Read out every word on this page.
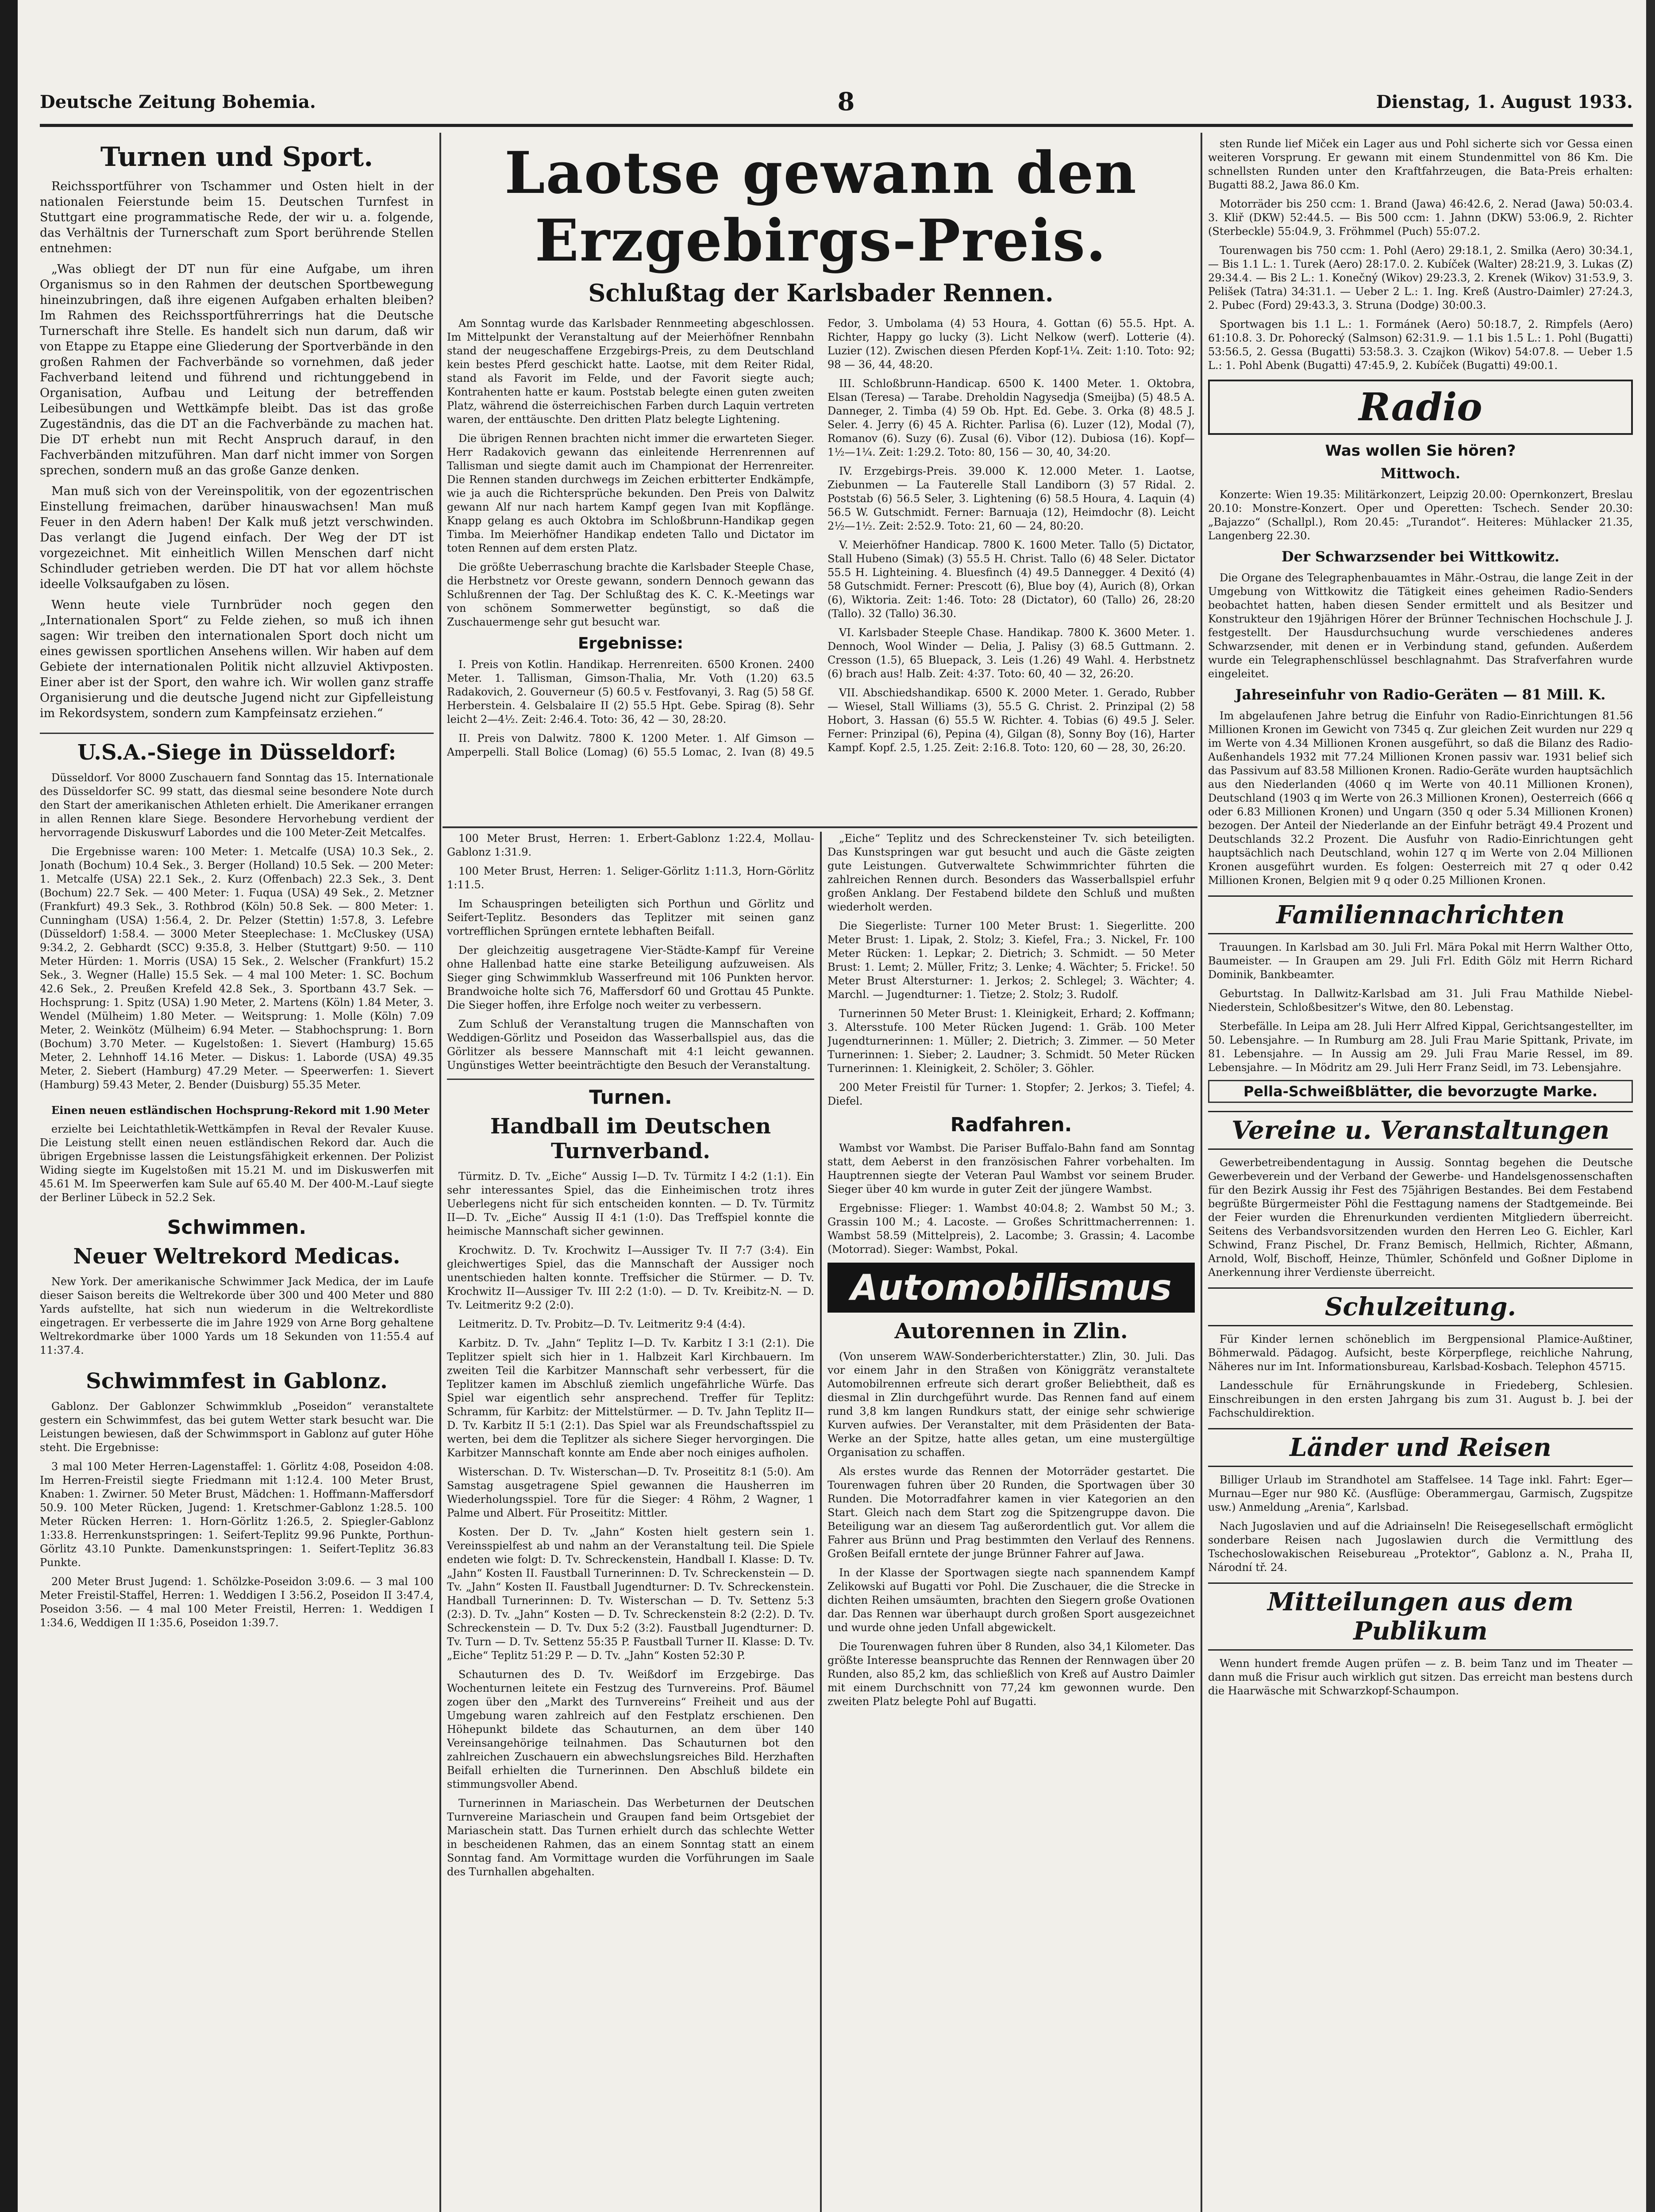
Deutsche Zeitung Bohemia.	8	Dienstag, 1. August 1933.
Turnen und Sport.

Reichssportführer von Tschammer und Osten hielt in der nationalen Feierstunde beim 15. Deutschen Turnfest in Stuttgart eine programmatische Rede, der wir u. a. folgende, das Verhältnis der Turnerschaft zum Sport berührende Stellen entnehmen:

„Was obliegt der DT nun für eine Aufgabe, um ihren Organismus so in den Rahmen der deutschen Sportbewegung hineinzubringen, daß ihre eigenen Aufgaben erhalten bleiben? Im Rahmen des Reichssportführerrings hat die Deutsche Turnerschaft ihre Stelle. Es handelt sich nun darum, daß wir von Etappe zu Etappe eine Gliederung der Sportverbände in den großen Rahmen der Fachverbände so vornehmen, daß jeder Fachverband leitend und führend und richtunggebend in Organisation, Aufbau und Leitung der betreffenden Leibesübungen und Wettkämpfe bleibt. Das ist das große Zugeständnis, das die DT an die Fachverbände zu machen hat. Die DT erhebt nun mit Recht Anspruch darauf, in den Fachverbänden mitzuführen. Man darf nicht immer von Sorgen sprechen, sondern muß an das große Ganze denken.

Man muß sich von der Vereinspolitik, von der egozentrischen Einstellung freimachen, darüber hinauswachsen! Man muß Feuer in den Adern haben! Der Kalk muß jetzt verschwinden. Das verlangt die Jugend einfach. Der Weg der DT ist vorgezeichnet. Mit einheitlich Willen Menschen darf nicht Schindluder getrieben werden. Die DT hat vor allem höchste ideelle Volksaufgaben zu lösen.

Wenn heute viele Turnbrüder noch gegen den „Internationalen Sport“ zu Felde ziehen, so muß ich ihnen sagen: Wir treiben den internationalen Sport doch nicht um eines gewissen sportlichen Ansehens willen. Wir haben auf dem Gebiete der internationalen Politik nicht allzuviel Aktivposten. Einer aber ist der Sport, den wahre ich. Wir wollen ganz straffe Organisierung und die deutsche Jugend nicht zur Gipfelleistung im Rekordsystem, sondern zum Kampfeinsatz erziehen.“

U.S.A.-Siege in Düsseldorf:

Düsseldorf. Vor 8000 Zuschauern fand Sonntag das 15. Internationale des Düsseldorfer SC. 99 statt, das diesmal seine besondere Note durch den Start der amerikanischen Athleten erhielt. Die Amerikaner errangen in allen Rennen klare Siege. Besondere Hervorhebung verdient der hervorragende Diskuswurf Labordes und die 100 Meter-Zeit Metcalfes.

Die Ergebnisse waren: 100 Meter: 1. Metcalfe (USA) 10.3 Sek., 2. Jonath (Bochum) 10.4 Sek., 3. Berger (Holland) 10.5 Sek. — 200 Meter: 1. Metcalfe (USA) 22.1 Sek., 2. Kurz (Offenbach) 22.3 Sek., 3. Dent (Bochum) 22.7 Sek. — 400 Meter: 1. Fuqua (USA) 49 Sek., 2. Metzner (Frankfurt) 49.3 Sek., 3. Rothbrod (Köln) 50.8 Sek. — 800 Meter: 1. Cunningham (USA) 1:56.4, 2. Dr. Pelzer (Stettin) 1:57.8, 3. Lefebre (Düsseldorf) 1:58.4. — 3000 Meter Steeplechase: 1. McCluskey (USA) 9:34.2, 2. Gebhardt (SCC) 9:35.8, 3. Helber (Stuttgart) 9:50. — 110 Meter Hürden: 1. Morris (USA) 15 Sek., 2. Welscher (Frankfurt) 15.2 Sek., 3. Wegner (Halle) 15.5 Sek. — 4 mal 100 Meter: 1. SC. Bochum 42.6 Sek., 2. Preußen Krefeld 42.8 Sek., 3. Sportbann 43.7 Sek. — Hochsprung: 1. Spitz (USA) 1.90 Meter, 2. Martens (Köln) 1.84 Meter, 3. Wendel (Mülheim) 1.80 Meter. — Weitsprung: 1. Molle (Köln) 7.09 Meter, 2. Weinkötz (Mülheim) 6.94 Meter. — Stabhochsprung: 1. Born (Bochum) 3.70 Meter. — Kugelstoßen: 1. Sievert (Hamburg) 15.65 Meter, 2. Lehnhoff 14.16 Meter. — Diskus: 1. Laborde (USA) 49.35 Meter, 2. Siebert (Hamburg) 47.29 Meter. — Speerwerfen: 1. Sievert (Hamburg) 59.43 Meter, 2. Bender (Duisburg) 55.35 Meter.

Einen neuen estländischen Hochsprung-Rekord mit 1.90 Meter

erzielte bei Leichtathletik-Wettkämpfen in Reval der Revaler Kuuse. Die Leistung stellt einen neuen estländischen Rekord dar. Auch die übrigen Ergebnisse lassen die Leistungsfähigkeit erkennen. Der Polizist Widing siegte im Kugelstoßen mit 15.21 M. und im Diskuswerfen mit 45.61 M. Im Speerwerfen kam Sule auf 65.40 M. Der 400-M.-Lauf siegte der Berliner Lübeck in 52.2 Sek.

Schwimmen.
Neuer Weltrekord Medicas.

New York. Der amerikanische Schwimmer Jack Medica, der im Laufe dieser Saison bereits die Weltrekorde über 300 und 400 Meter und 880 Yards aufstellte, hat sich nun wiederum in die Weltrekordliste eingetragen. Er verbesserte die im Jahre 1929 von Arne Borg gehaltene Weltrekordmarke über 1000 Yards um 18 Sekunden von 11:55.4 auf 11:37.4.

Schwimmfest in Gablonz.

Gablonz. Der Gablonzer Schwimmklub „Poseidon“ veranstaltete gestern ein Schwimmfest, das bei gutem Wetter stark besucht war. Die Leistungen bewiesen, daß der Schwimmsport in Gablonz auf guter Höhe steht. Die Ergebnisse:

3 mal 100 Meter Herren-Lagenstaffel: 1. Görlitz 4:08, Poseidon 4:08. Im Herren-Freistil siegte Friedmann mit 1:12.4. 100 Meter Brust, Knaben: 1. Zwirner. 50 Meter Brust, Mädchen: 1. Hoffmann-Maffersdorf 50.9. 100 Meter Rücken, Jugend: 1. Kretschmer-Gablonz 1:28.5. 100 Meter Rücken Herren: 1. Horn-Görlitz 1:26.5, 2. Spiegler-Gablonz 1:33.8. Herrenkunstspringen: 1. Seifert-Teplitz 99.96 Punkte, Porthun-Görlitz 43.10 Punkte. Damenkunstspringen: 1. Seifert-Teplitz 36.83 Punkte.

200 Meter Brust Jugend: 1. Schölzke-Poseidon 3:09.6. — 3 mal 100 Meter Freistil-Staffel, Herren: 1. Weddigen I 3:56.2, Poseidon II 3:47.4, Poseidon 3:56. — 4 mal 100 Meter Freistil, Herren: 1. Weddigen I 1:34.6, Weddigen II 1:35.6, Poseidon 1:39.7.

Laotse gewann den Erzgebirgs-Preis.
Schlußtag der Karlsbader Rennen.

Am Sonntag wurde das Karlsbader Rennmeeting abgeschlossen. Im Mittelpunkt der Veranstaltung auf der Meierhöfner Rennbahn stand der neugeschaffene Erzgebirgs-Preis, zu dem Deutschland kein bestes Pferd geschickt hatte. Laotse, mit dem Reiter Ridal, stand als Favorit im Felde, und der Favorit siegte auch; Kontrahenten hatte er kaum. Poststab belegte einen guten zweiten Platz, während die österreichischen Farben durch Laquin vertreten waren, der enttäuschte. Den dritten Platz belegte Lightening.

Die übrigen Rennen brachten nicht immer die erwarteten Sieger. Herr Radakovich gewann das einleitende Herrenrennen auf Tallisman und siegte damit auch im Championat der Herrenreiter. Die Rennen standen durchwegs im Zeichen erbitterter Endkämpfe, wie ja auch die Richtersprüche bekunden. Den Preis von Dalwitz gewann Alf nur nach hartem Kampf gegen Ivan mit Kopflänge. Knapp gelang es auch Oktobra im Schloßbrunn-Handikap gegen Timba. Im Meierhöfner Handikap endeten Tallo und Dictator im toten Rennen auf dem ersten Platz.

Die größte Ueberraschung brachte die Karlsbader Steeple Chase, die Herbstnetz vor Oreste gewann, sondern Dennoch gewann das Schlußrennen der Tag. Der Schlußtag des K. C. K.-Meetings war von schönem Sommerwetter begünstigt, so daß die Zuschauermenge sehr gut besucht war.

Ergebnisse:

I. Preis von Kotlin. Handikap. Herrenreiten. 6500 Kronen. 2400 Meter. 1. Tallisman, Gimson-Thalia, Mr. Voth (1.20) 63.5 Radakovich, 2. Gouverneur (5) 60.5 v. Festfovanyi, 3. Rag (5) 58 Gf. Herberstein. 4. Gelsbalaire II (2) 55.5 Hpt. Gebe. Spirag (8). Sehr leicht 2—4½. Zeit: 2:46.4. Toto: 36, 42 — 30, 28:20.

II. Preis von Dalwitz. 7800 K. 1200 Meter. 1. Alf Gimson — Amperpelli. Stall Bolice (Lomag) (6) 55.5 Lomac, 2. Ivan (8) 49.5 Fedor, 3. Umbolama (4) 53 Houra, 4. Gottan (6) 55.5. Hpt. A. Richter, Happy go lucky (3). Licht Nelkow (werf). Lotterie (4). Luzier (12). Zwischen diesen Pferden Kopf-1¼. Zeit: 1:10. Toto: 92; 98 — 36, 44, 48:20.

III. Schloßbrunn-Handicap. 6500 K. 1400 Meter. 1. Oktobra, Elsan (Teresa) — Tarabe. Dreholdin Nagysedja (Smeijba) (5) 48.5 A. Danneger, 2. Timba (4) 59 Ob. Hpt. Ed. Gebe. 3. Orka (8) 48.5 J. Seler. 4. Jerry (6) 45 A. Richter. Parlisa (6). Luzer (12), Modal (7), Romanov (6). Suzy (6). Zusal (6). Vibor (12). Dubiosa (16). Kopf—1½—1¼. Zeit: 1:29.2. Toto: 80, 156 — 30, 40, 34:20.

IV. Erzgebirgs-Preis. 39.000 K. 12.000 Meter. 1. Laotse, Ziebunmen — La Fauterelle Stall Landiborn (3) 57 Ridal. 2. Poststab (6) 56.5 Seler, 3. Lightening (6) 58.5 Houra, 4. Laquin (4) 56.5 W. Gutschmidt. Ferner: Barnuaja (12), Heimdochr (8). Leicht 2½—1½. Zeit: 2:52.9. Toto: 21, 60 — 24, 80:20.

V. Meierhöfner Handicap. 7800 K. 1600 Meter. Tallo (5) Dictator, Stall Hubeno (Simak) (3) 55.5 H. Christ. Tallo (6) 48 Seler. Dictator 55.5 H. Lighteining. 4. Bluesfinch (4) 49.5 Dannegger. 4 Dexitó (4) 58 Gutschmidt. Ferner: Prescott (6), Blue boy (4), Aurich (8), Orkan (6), Wiktoria. Zeit: 1:46. Toto: 28 (Dictator), 60 (Tallo) 26, 28:20 (Tallo). 32 (Tallo) 36.30.

VI. Karlsbader Steeple Chase. Handikap. 7800 K. 3600 Meter. 1. Dennoch, Wool Winder — Delia, J. Palisy (3) 68.5 Guttmann. 2. Cresson (1.5), 65 Bluepack, 3. Leis (1.26) 49 Wahl. 4. Herbstnetz (6) brach aus! Halb. Zeit: 4:37. Toto: 60, 40 — 32, 26:20.

VII. Abschiedshandikap. 6500 K. 2000 Meter. 1. Gerado, Rubber — Wiesel, Stall Williams (3), 55.5 G. Christ. 2. Prinzipal (2) 58 Hobort, 3. Hassan (6) 55.5 W. Richter. 4. Tobias (6) 49.5 J. Seler. Ferner: Prinzipal (6), Pepina (4), Gilgan (8), Sonny Boy (16), Harter Kampf. Kopf. 2.5, 1.25. Zeit: 2:16.8. Toto: 120, 60 — 28, 30, 26:20.

100 Meter Brust, Herren: 1. Erbert-Gablonz 1:22.4, Mollau-Gablonz 1:31.9.

100 Meter Brust, Herren: 1. Seliger-Görlitz 1:11.3, Horn-Görlitz 1:11.5.

Im Schauspringen beteiligten sich Porthun und Görlitz und Seifert-Teplitz. Besonders das Teplitzer mit seinen ganz vortrefflichen Sprüngen erntete lebhaften Beifall.

Der gleichzeitig ausgetragene Vier-Städte-Kampf für Vereine ohne Hallenbad hatte eine starke Beteiligung aufzuweisen. Als Sieger ging Schwimmklub Wasserfreund mit 106 Punkten hervor. Brandwoiche holte sich 76, Maffersdorf 60 und Grottau 45 Punkte. Die Sieger hoffen, ihre Erfolge noch weiter zu verbessern.

Zum Schluß der Veranstaltung trugen die Mannschaften von Weddigen-Görlitz und Poseidon das Wasserballspiel aus, das die Görlitzer als bessere Mannschaft mit 4:1 leicht gewannen. Ungünstiges Wetter beeinträchtigte den Besuch der Veranstaltung.

Turnen.
Handball im Deutschen Turnverband.

Türmitz. D. Tv. „Eiche“ Aussig I—D. Tv. Türmitz I 4:2 (1:1). Ein sehr interessantes Spiel, das die Einheimischen trotz ihres Ueberlegens nicht für sich entscheiden konnten. — D. Tv. Türmitz II—D. Tv. „Eiche“ Aussig II 4:1 (1:0). Das Treffspiel konnte die heimische Mannschaft sicher gewinnen.

Krochwitz. D. Tv. Krochwitz I—Aussiger Tv. II 7:7 (3:4). Ein gleichwertiges Spiel, das die Mannschaft der Aussiger noch unentschieden halten konnte. Treffsicher die Stürmer. — D. Tv. Krochwitz II—Aussiger Tv. III 2:2 (1:0). — D. Tv. Kreibitz-N. — D. Tv. Leitmeritz 9:2 (2:0).

Leitmeritz. D. Tv. Probitz—D. Tv. Leitmeritz 9:4 (4:4).

Karbitz. D. Tv. „Jahn“ Teplitz I—D. Tv. Karbitz I 3:1 (2:1). Die Teplitzer spielt sich hier in 1. Halbzeit Karl Kirchbauern. Im zweiten Teil die Karbitzer Mannschaft sehr verbessert, für die Teplitzer kamen im Abschluß ziemlich ungefährliche Würfe. Das Spiel war eigentlich sehr ansprechend. Treffer für Teplitz: Schramm, für Karbitz: der Mittelstürmer. — D. Tv. Jahn Teplitz II—D. Tv. Karbitz II 5:1 (2:1). Das Spiel war als Freundschaftsspiel zu werten, bei dem die Teplitzer als sichere Sieger hervorgingen. Die Karbitzer Mannschaft konnte am Ende aber noch einiges aufholen.

Wisterschan. D. Tv. Wisterschan—D. Tv. Proseititz 8:1 (5:0). Am Samstag ausgetragene Spiel gewannen die Hausherren im Wiederholungsspiel. Tore für die Sieger: 4 Röhm, 2 Wagner, 1 Palme und Albert. Für Proseititz: Mittler.

Kosten. Der D. Tv. „Jahn“ Kosten hielt gestern sein 1. Vereinsspielfest ab und nahm an der Veranstaltung teil. Die Spiele endeten wie folgt: D. Tv. Schreckenstein, Handball I. Klasse: D. Tv. „Jahn“ Kosten II. Faustball Turnerinnen: D. Tv. Schreckenstein — D. Tv. „Jahn“ Kosten II. Faustball Jugendturner: D. Tv. Schreckenstein. Handball Turnerinnen: D. Tv. Wisterschan — D. Tv. Settenz 5:3 (2:3). D. Tv. „Jahn“ Kosten — D. Tv. Schreckenstein 8:2 (2:2). D. Tv. Schreckenstein — D. Tv. Dux 5:2 (3:2). Faustball Jugendturner: D. Tv. Turn — D. Tv. Settenz 55:35 P. Faustball Turner II. Klasse: D. Tv. „Eiche“ Teplitz 51:29 P. — D. Tv. „Jahn“ Kosten 52:30 P.

Schauturnen des D. Tv. Weißdorf im Erzgebirge. Das Wochenturnen leitete ein Festzug des Turnvereins. Prof. Bäumel zogen über den „Markt des Turnvereins“ Freiheit und aus der Umgebung waren zahlreich auf den Festplatz erschienen. Den Höhepunkt bildete das Schauturnen, an dem über 140 Vereinsangehörige teilnahmen. Das Schauturnen bot den zahlreichen Zuschauern ein abwechslungsreiches Bild. Herzhaften Beifall erhielten die Turnerinnen. Den Abschluß bildete ein stimmungsvoller Abend.

Turnerinnen in Mariaschein. Das Werbeturnen der Deutschen Turnvereine Mariaschein und Graupen fand beim Ortsgebiet der Mariaschein statt. Das Turnen erhielt durch das schlechte Wetter in bescheidenen Rahmen, das an einem Sonntag statt an einem Sonntag fand. Am Vormittage wurden die Vorführungen im Saale des Turnhallen abgehalten.

„Eiche“ Teplitz und des Schreckensteiner Tv. sich beteiligten. Das Kunstspringen war gut besucht und auch die Gäste zeigten gute Leistungen. Gutverwaltete Schwimmrichter führten die zahlreichen Rennen durch. Besonders das Wasserballspiel erfuhr großen Anklang. Der Festabend bildete den Schluß und mußten wiederholt werden.

Die Siegerliste: Turner 100 Meter Brust: 1. Siegerlitte. 200 Meter Brust: 1. Lipak, 2. Stolz; 3. Kiefel, Fra.; 3. Nickel, Fr. 100 Meter Rücken: 1. Lepkar; 2. Dietrich; 3. Schmidt. — 50 Meter Brust: 1. Lemt; 2. Müller, Fritz; 3. Lenke; 4. Wächter; 5. Fricke!. 50 Meter Brust Altersturner: 1. Jerkos; 2. Schlegel; 3. Wächter; 4. Marchl. — Jugendturner: 1. Tietze; 2. Stolz; 3. Rudolf.

Turnerinnen 50 Meter Brust: 1. Kleinigkeit, Erhard; 2. Koffmann; 3. Altersstufe. 100 Meter Rücken Jugend: 1. Gräb. 100 Meter Jugendturnerinnen: 1. Müller; 2. Dietrich; 3. Zimmer. — 50 Meter Turnerinnen: 1. Sieber; 2. Laudner; 3. Schmidt. 50 Meter Rücken Turnerinnen: 1. Kleinigkeit, 2. Schöler; 3. Göhler.

200 Meter Freistil für Turner: 1. Stopfer; 2. Jerkos; 3. Tiefel; 4. Diefel.

Radfahren.

Wambst vor Wambst. Die Pariser Buffalo-Bahn fand am Sonntag statt, dem Aeberst in den französischen Fahrer vorbehalten. Im Hauptrennen siegte der Veteran Paul Wambst vor seinem Bruder. Sieger über 40 km wurde in guter Zeit der jüngere Wambst.

Ergebnisse: Flieger: 1. Wambst 40:04.8; 2. Wambst 50 M.; 3. Grassin 100 M.; 4. Lacoste. — Großes Schrittmacherrennen: 1. Wambst 58.59 (Mittelpreis), 2. Lacombe; 3. Grassin; 4. Lacombe (Motorrad). Sieger: Wambst, Pokal.

Automobilismus
Autorennen in Zlin.

(Von unserem WAW-Sonderberichterstatter.) Zlin, 30. Juli. Das vor einem Jahr in den Straßen von Königgrätz veranstaltete Automobilrennen erfreute sich derart großer Beliebtheit, daß es diesmal in Zlin durchgeführt wurde. Das Rennen fand auf einem rund 3,8 km langen Rundkurs statt, der einige sehr schwierige Kurven aufwies. Der Veranstalter, mit dem Präsidenten der Bata-Werke an der Spitze, hatte alles getan, um eine mustergültige Organisation zu schaffen.

Als erstes wurde das Rennen der Motorräder gestartet. Die Tourenwagen fuhren über 20 Runden, die Sportwagen über 30 Runden. Die Motorradfahrer kamen in vier Kategorien an den Start. Gleich nach dem Start zog die Spitzengruppe davon. Die Beteiligung war an diesem Tag außerordentlich gut. Vor allem die Fahrer aus Brünn und Prag bestimmten den Verlauf des Rennens. Großen Beifall erntete der junge Brünner Fahrer auf Jawa.

In der Klasse der Sportwagen siegte nach spannendem Kampf Zelikowski auf Bugatti vor Pohl. Die Zuschauer, die die Strecke in dichten Reihen umsäumten, brachten den Siegern große Ovationen dar. Das Rennen war überhaupt durch großen Sport ausgezeichnet und wurde ohne jeden Unfall abgewickelt.

Die Tourenwagen fuhren über 8 Runden, also 34,1 Kilometer. Das größte Interesse beanspruchte das Rennen der Rennwagen über 20 Runden, also 85,2 km, das schließlich von Kreß auf Austro Daimler mit einem Durchschnitt von 77,24 km gewonnen wurde. Den zweiten Platz belegte Pohl auf Bugatti.

sten Runde lief Miček ein Lager aus und Pohl sicherte sich vor Gessa einen weiteren Vorsprung. Er gewann mit einem Stundenmittel von 86 Km. Die schnellsten Runden unter den Kraftfahrzeugen, die Bata-Preis erhalten: Bugatti 88.2, Jawa 86.0 Km.

Motorräder bis 250 ccm: 1. Brand (Jawa) 46:42.6, 2. Nerad (Jawa) 50:03.4. 3. Kliř (DKW) 52:44.5. — Bis 500 ccm: 1. Jahnn (DKW) 53:06.9, 2. Richter (Sterbeckle) 55:04.9, 3. Fröhmmel (Puch) 55:07.2.

Tourenwagen bis 750 ccm: 1. Pohl (Aero) 29:18.1, 2. Smilka (Aero) 30:34.1, — Bis 1.1 L.: 1. Turek (Aero) 28:17.0. 2. Kubíček (Walter) 28:21.9, 3. Lukas (Z) 29:34.4. — Bis 2 L.: 1. Konečný (Wikov) 29:23.3, 2. Krenek (Wikov) 31:53.9, 3. Pelišek (Tatra) 34:31.1. — Ueber 2 L.: 1. Ing. Kreß (Austro-Daimler) 27:24.3, 2. Pubec (Ford) 29:43.3, 3. Struna (Dodge) 30:00.3.

Sportwagen bis 1.1 L.: 1. Formánek (Aero) 50:18.7, 2. Rimpfels (Aero) 61:10.8. 3. Dr. Pohorecký (Salmson) 62:31.9. — 1.1 bis 1.5 L.: 1. Pohl (Bugatti) 53:56.5, 2. Gessa (Bugatti) 53:58.3. 3. Czajkon (Wikov) 54:07.8. — Ueber 1.5 L.: 1. Pohl Abenk (Bugatti) 47:45.9, 2. Kubíček (Bugatti) 49:00.1.

Radio
Was wollen Sie hören?
Mittwoch.

Konzerte: Wien 19.35: Militärkonzert, Leipzig 20.00: Opernkonzert, Breslau 20.10: Monstre-Konzert. Oper und Operetten: Tschech. Sender 20.30: „Bajazzo“ (Schallpl.), Rom 20.45: „Turandot“. Heiteres: Mühlacker 21.35, Langenberg 22.30.

Der Schwarzsender bei Wittkowitz.

Die Organe des Telegraphenbauamtes in Mähr.-Ostrau, die lange Zeit in der Umgebung von Wittkowitz die Tätigkeit eines geheimen Radio-Senders beobachtet hatten, haben diesen Sender ermittelt und als Besitzer und Konstrukteur den 19jährigen Hörer der Brünner Technischen Hochschule J. J. festgestellt. Der Hausdurchsuchung wurde verschiedenes anderes Schwarzsender, mit denen er in Verbindung stand, gefunden. Außerdem wurde ein Telegraphenschlüssel beschlagnahmt. Das Strafverfahren wurde eingeleitet.

Jahreseinfuhr von Radio-Geräten — 81 Mill. K.

Im abgelaufenen Jahre betrug die Einfuhr von Radio-Einrichtungen 81.56 Millionen Kronen im Gewicht von 7345 q. Zur gleichen Zeit wurden nur 229 q im Werte von 4.34 Millionen Kronen ausgeführt, so daß die Bilanz des Radio-Außenhandels 1932 mit 77.24 Millionen Kronen passiv war. 1931 belief sich das Passivum auf 83.58 Millionen Kronen. Radio-Geräte wurden hauptsächlich aus den Niederlanden (4060 q im Werte von 40.11 Millionen Kronen), Deutschland (1903 q im Werte von 26.3 Millionen Kronen), Oesterreich (666 q oder 6.83 Millionen Kronen) und Ungarn (350 q oder 5.34 Millionen Kronen) bezogen. Der Anteil der Niederlande an der Einfuhr beträgt 49.4 Prozent und Deutschlands 32.2 Prozent. Die Ausfuhr von Radio-Einrichtungen geht hauptsächlich nach Deutschland, wohin 127 q im Werte von 2.04 Millionen Kronen ausgeführt wurden. Es folgen: Oesterreich mit 27 q oder 0.42 Millionen Kronen, Belgien mit 9 q oder 0.25 Millionen Kronen.

Familiennachrichten

Trauungen. In Karlsbad am 30. Juli Frl. Mära Pokal mit Herrn Walther Otto, Baumeister. — In Graupen am 29. Juli Frl. Edith Gölz mit Herrn Richard Dominik, Bankbeamter.

Geburtstag. In Dallwitz-Karlsbad am 31. Juli Frau Mathilde Niebel-Niederstein, Schloßbesitzer's Witwe, den 80. Lebenstag.

Sterbefälle. In Leipa am 28. Juli Herr Alfred Kippal, Gerichtsangestellter, im 50. Lebensjahre. — In Rumburg am 28. Juli Frau Marie Spittank, Private, im 81. Lebensjahre. — In Aussig am 29. Juli Frau Marie Ressel, im 89. Lebensjahre. — In Mödritz am 29. Juli Herr Franz Seidl, im 73. Lebensjahre.

Pella-Schweißblätter, die bevorzugte Marke.
Vereine u. Veranstaltungen

Gewerbetreibendentagung in Aussig. Sonntag begehen die Deutsche Gewerbeverein und der Verband der Gewerbe- und Handelsgenossenschaften für den Bezirk Aussig ihr Fest des 75jährigen Bestandes. Bei dem Festabend begrüßte Bürgermeister Pöhl die Festtagung namens der Stadtgemeinde. Bei der Feier wurden die Ehrenurkunden verdienten Mitgliedern überreicht. Seitens des Verbandsvorsitzenden wurden den Herren Leo G. Eichler, Karl Schwind, Franz Pischel, Dr. Franz Bemisch, Hellmich, Richter, Aßmann, Arnold, Wolf, Bischoff, Heinze, Thümler, Schönfeld und Goßner Diplome in Anerkennung ihrer Verdienste überreicht.

Schulzeitung.

Für Kinder lernen schöneblich im Bergpensional Plamice-Außtiner, Böhmerwald. Pädagog. Aufsicht, beste Körperpflege, reichliche Nahrung, Näheres nur im Int. Informationsbureau, Karlsbad-Kosbach. Telephon 45715.

Landesschule für Ernährungskunde in Friedeberg, Schlesien. Einschreibungen in den ersten Jahrgang bis zum 31. August b. J. bei der Fachschuldirektion.

Länder und Reisen

Billiger Urlaub im Strandhotel am Staffelsee. 14 Tage inkl. Fahrt: Eger—Murnau—Eger nur 980 Kč. (Ausflüge: Oberammergau, Garmisch, Zugspitze usw.) Anmeldung „Arenia“, Karlsbad.

Nach Jugoslavien und auf die Adriainseln! Die Reisegesellschaft ermöglicht sonderbare Reisen nach Jugoslawien durch die Vermittlung des Tschechoslowakischen Reisebureau „Protektor“, Gablonz a. N., Praha II, Národní tř. 24.

Mitteilungen aus dem Publikum

Wenn hundert fremde Augen prüfen — z. B. beim Tanz und im Theater — dann muß die Frisur auch wirklich gut sitzen. Das erreicht man bestens durch die Haarwäsche mit Schwarzkopf-Schaumpon.
